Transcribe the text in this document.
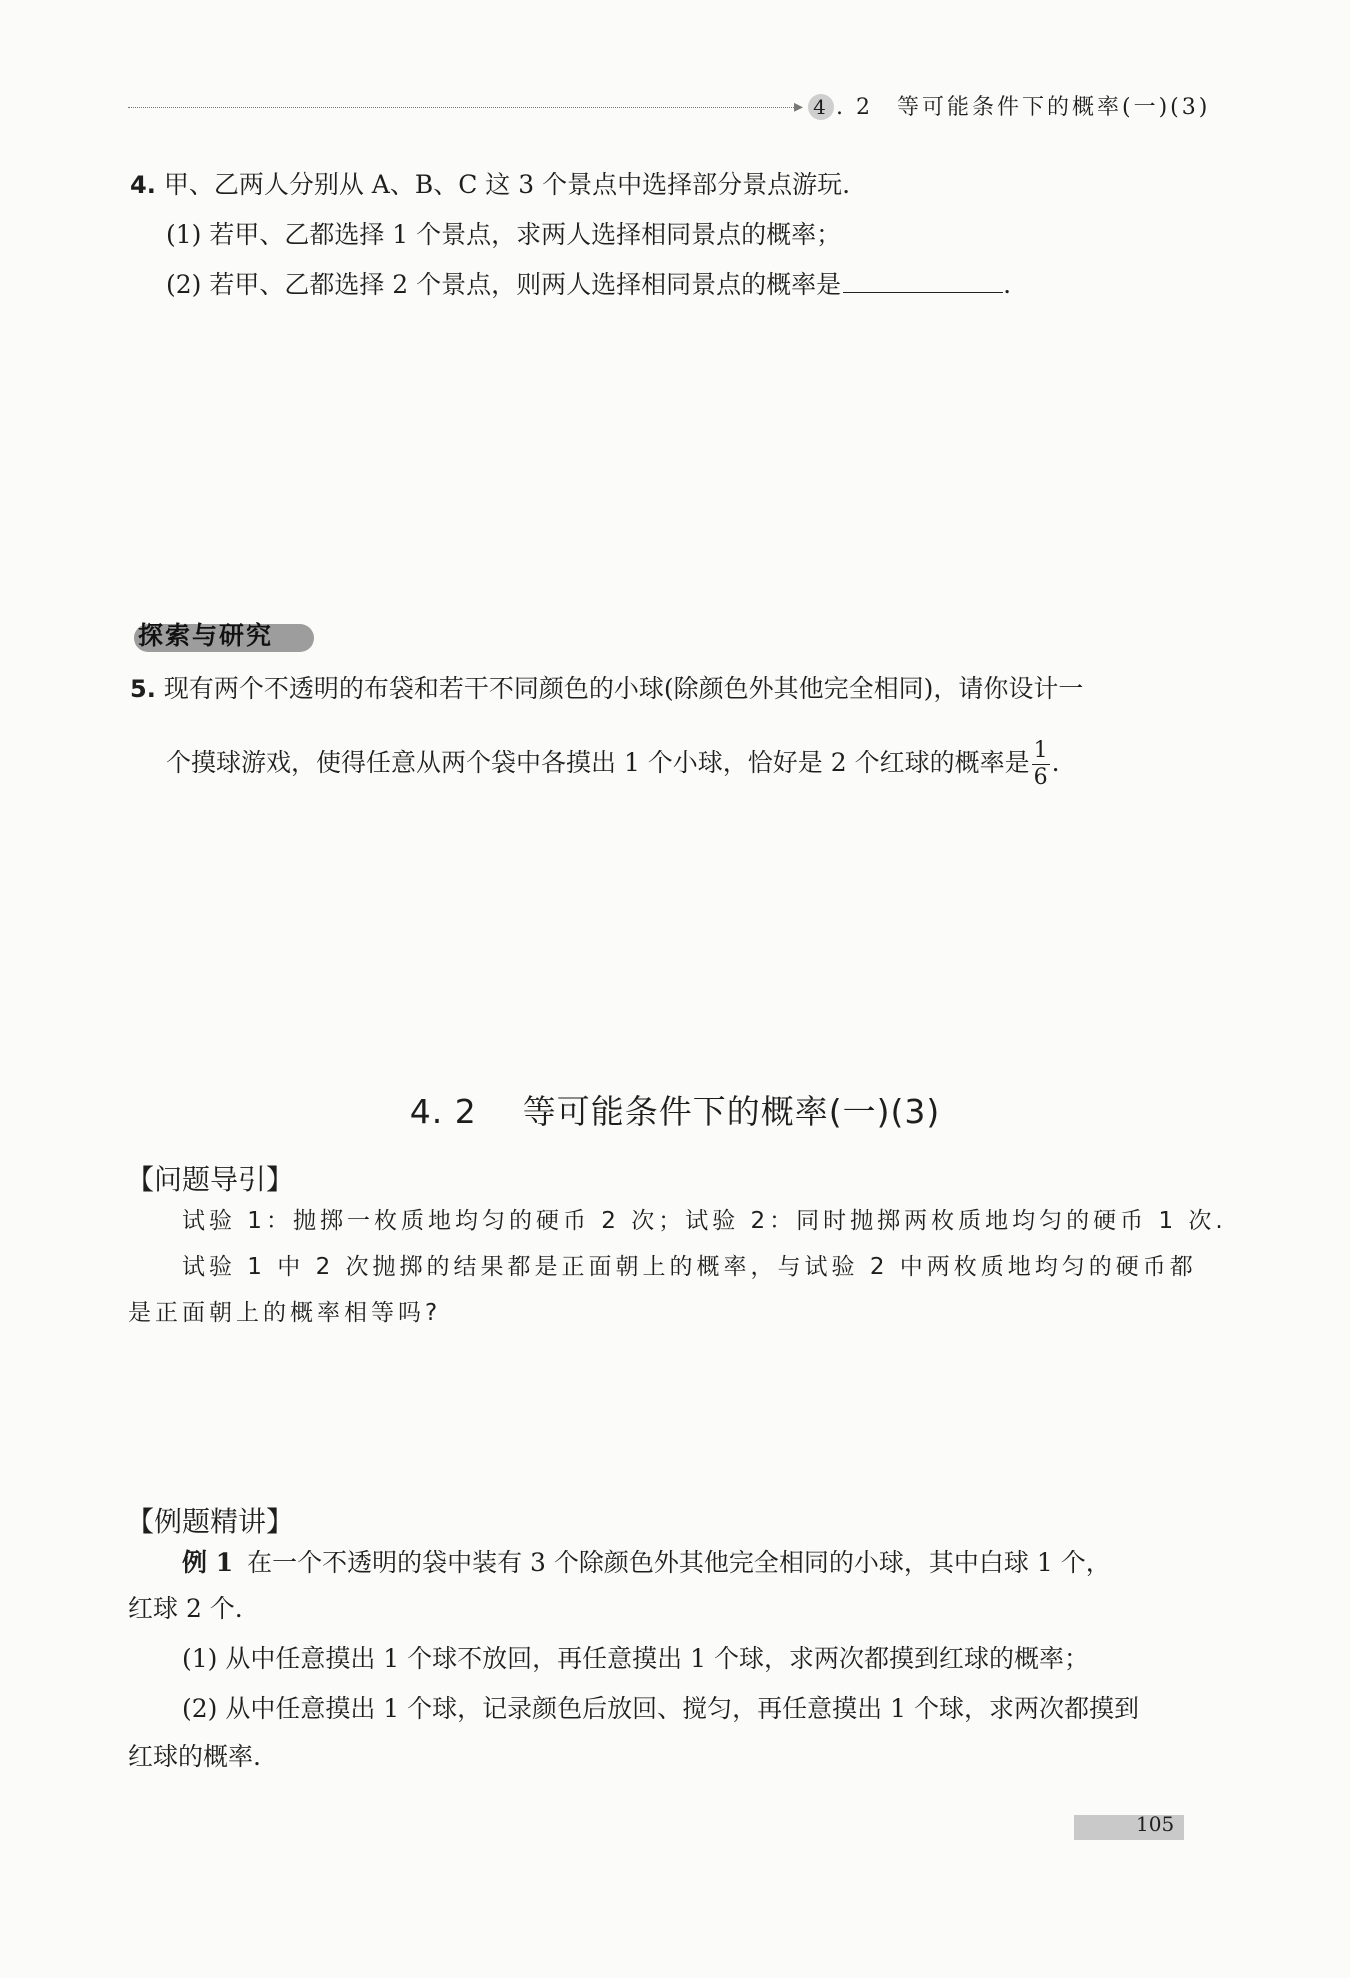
▸ 4 . 2 等可能条件下的概率(一)(3)
4. 甲、乙两人分别从 A、B、C 这 3 个景点中选择部分景点游玩.
(1) 若甲、乙都选择 1 个景点，求两人选择相同景点的概率；
(2) 若甲、乙都选择 2 个景点，则两人选择相同景点的概率是	.
探索与研究
5. 现有两个不透明的布袋和若干不同颜色的小球(除颜色外其他完全相同)，请你设计一
个摸球游戏，使得任意从两个袋中各摸出 1 个小球，恰好是 2 个红球的概率是 $\frac{1}{6}$ .
4. 2    等可能条件下的概率(一)(3)
【问题导引】
试验 1：抛掷一枚质地均匀的硬币 2 次；试验 2：同时抛掷两枚质地均匀的硬币 1 次.
试验 1 中 2 次抛掷的结果都是正面朝上的概率，与试验 2 中两枚质地均匀的硬币都
是正面朝上的概率相等吗?
【例题精讲】
例 1 在一个不透明的袋中装有 3 个除颜色外其他完全相同的小球，其中白球 1 个，
红球 2 个.
(1) 从中任意摸出 1 个球不放回，再任意摸出 1 个球，求两次都摸到红球的概率；
(2) 从中任意摸出 1 个球，记录颜色后放回、搅匀，再任意摸出 1 个球，求两次都摸到
红球的概率.
105
